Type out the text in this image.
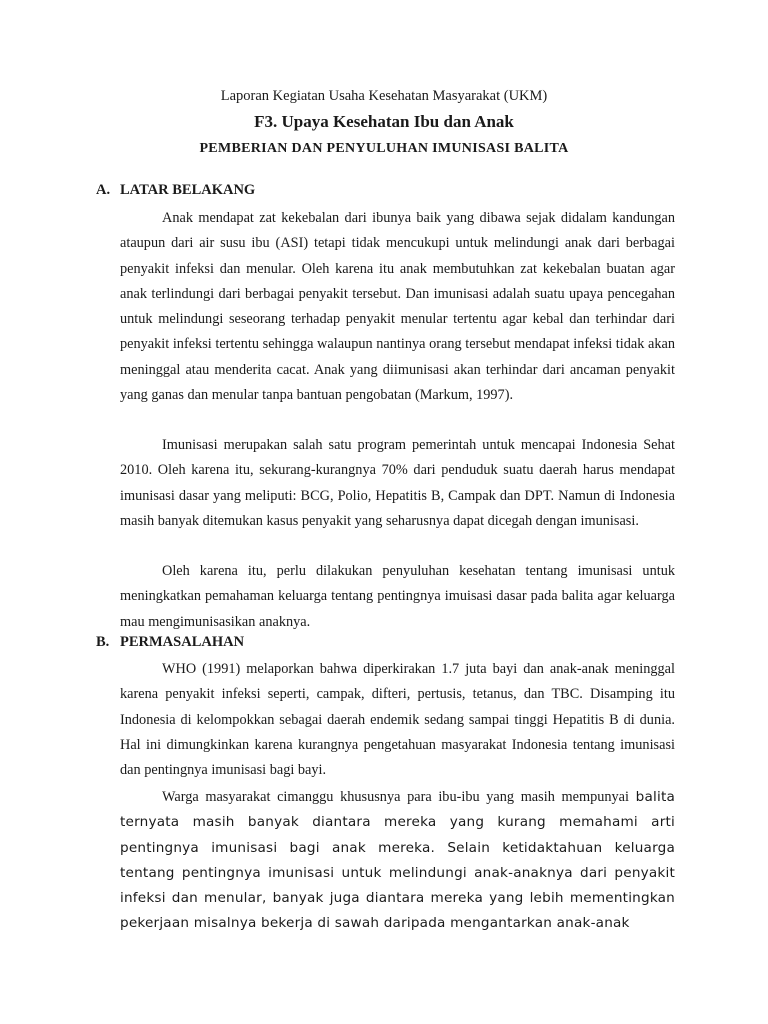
Laporan Kegiatan Usaha Kesehatan Masyarakat (UKM)
F3. Upaya Kesehatan Ibu dan Anak
PEMBERIAN DAN PENYULUHAN IMUNISASI BALITA
A. LATAR BELAKANG

Anak mendapat zat kekebalan dari ibunya baik yang dibawa sejak didalam kandungan ataupun dari air susu ibu (ASI) tetapi tidak mencukupi untuk melindungi anak dari berbagai penyakit infeksi dan menular. Oleh karena itu anak membutuhkan zat kekebalan buatan agar anak terlindungi dari berbagai penyakit tersebut. Dan imunisasi adalah suatu upaya pencegahan untuk melindungi seseorang terhadap penyakit menular tertentu agar kebal dan terhindar dari penyakit infeksi tertentu sehingga walaupun nantinya orang tersebut mendapat infeksi tidak akan meninggal atau menderita cacat. Anak yang diimunisasi akan terhindar dari ancaman penyakit yang ganas dan menular tanpa bantuan pengobatan (Markum, 1997).

Imunisasi merupakan salah satu program pemerintah untuk mencapai Indonesia Sehat 2010. Oleh karena itu, sekurang-kurangnya 70% dari penduduk suatu daerah harus mendapat imunisasi dasar yang meliputi: BCG, Polio, Hepatitis B, Campak dan DPT. Namun di Indonesia masih banyak ditemukan kasus penyakit yang seharusnya dapat dicegah dengan imunisasi.

Oleh karena itu, perlu dilakukan penyuluhan kesehatan tentang imunisasi untuk meningkatkan pemahaman keluarga tentang pentingnya imuisasi dasar pada balita agar keluarga mau mengimunisasikan anaknya.

B. PERMASALAHAN

WHO (1991) melaporkan bahwa diperkirakan 1.7 juta bayi dan anak-anak meninggal karena penyakit infeksi seperti, campak, difteri, pertusis, tetanus, dan TBC. Disamping itu Indonesia di kelompokkan sebagai daerah endemik sedang sampai tinggi Hepatitis B di dunia. Hal ini dimungkinkan karena kurangnya pengetahuan masyarakat Indonesia tentang imunisasi dan pentingnya imunisasi bagi bayi.

Warga masyarakat cimanggu khususnya para ibu-ibu yang masih mempunyai balita ternyata masih banyak diantara mereka yang kurang memahami arti pentingnya imunisasi bagi anak mereka. Selain ketidaktahuan keluarga tentang pentingnya imunisasi untuk melindungi anak-anaknya dari penyakit infeksi dan menular, banyak juga diantara mereka yang lebih mementingkan pekerjaan misalnya bekerja di sawah daripada mengantarkan anak-anak
